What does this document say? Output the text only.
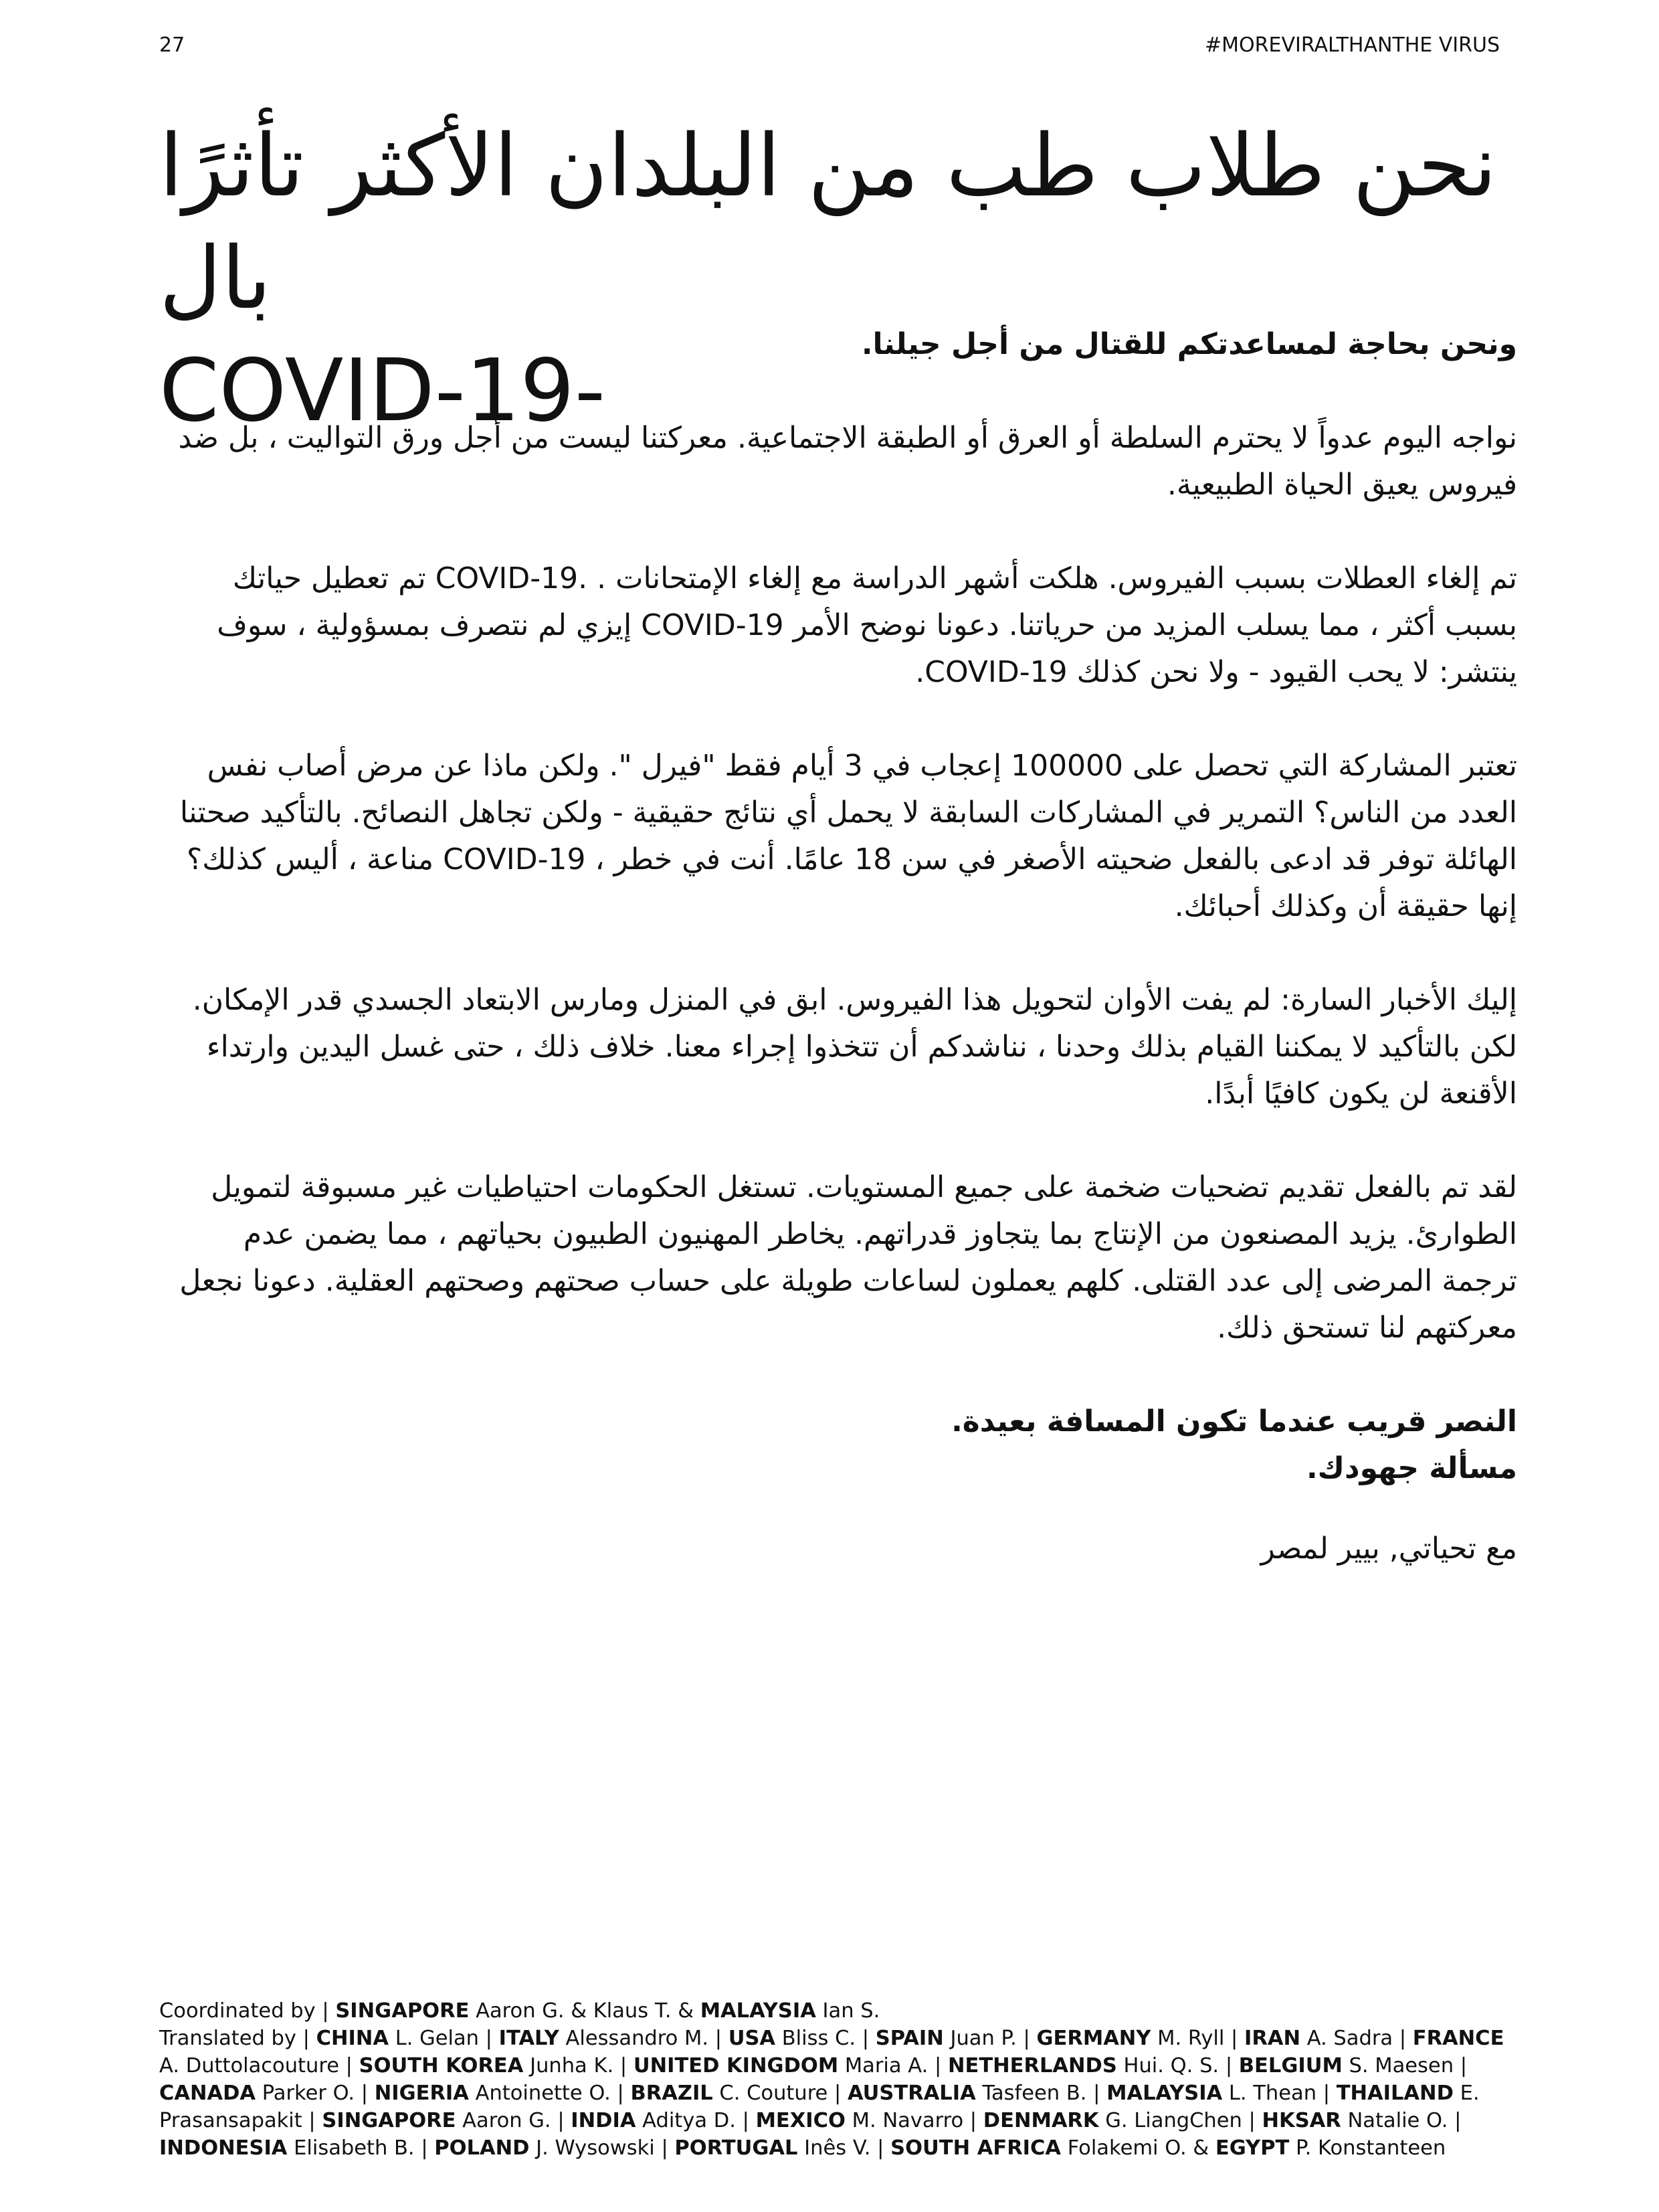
27	#MOREVIRALTHANTHE VIRUS
نحن طلاب طب من البلدان الأكثر تأثرًا بال
COVID-19-	ونحن بحاجة لمساعدتكم للقتال من أجل جيلنا.

نواجه اليوم عدواً لا يحترم السلطة أو العرق أو الطبقة الاجتماعية. معركتنا ليست من أجل ورق التواليت ، بل ضد فيروس يعيق الحياة الطبيعية.

تم إلغاء العطلات بسبب الفيروس. هلكت أشهر الدراسة مع إلغاء الإمتحانات . .COVID-19 تم تعطيل حياتك بسبب أكثر ، مما يسلب المزيد من حرياتنا. دعونا نوضح الأمر COVID-19 إيزي لم نتصرف بمسؤولية ، سوف ينتشر: لا يحب القيود - ولا نحن كذلك COVID-19.

تعتبر المشاركة التي تحصل على 100000 إعجاب في 3 أيام فقط "فيرل ". ولكن ماذا عن مرض أصاب نفس العدد من الناس؟ التمرير في المشاركات السابقة لا يحمل أي نتائج حقيقية - ولكن تجاهل النصائح. بالتأكيد صحتنا الهائلة توفر قد ادعى بالفعل ضحيته الأصغر في سن 18 عامًا. أنت في خطر ، COVID-19 مناعة ، أليس كذلك؟ إنها حقيقة أن وكذلك أحبائك.

إليك الأخبار السارة: لم يفت الأوان لتحويل هذا الفيروس. ابق في المنزل ومارس الابتعاد الجسدي قدر الإمكان. لكن بالتأكيد لا يمكننا القيام بذلك وحدنا ، نناشدكم أن تتخذوا إجراء معنا. خلاف ذلك ، حتى غسل اليدين وارتداء الأقنعة لن يكون كافيًا أبدًا.

لقد تم بالفعل تقديم تضحيات ضخمة على جميع المستويات. تستغل الحكومات احتياطيات غير مسبوقة لتمويل الطوارئ. يزيد المصنعون من الإنتاج بما يتجاوز قدراتهم. يخاطر المهنيون الطبيون بحياتهم ، مما يضمن عدم ترجمة المرضى إلى عدد القتلى. كلهم يعملون لساعات طويلة على حساب صحتهم وصحتهم العقلية. دعونا نجعل معركتهم لنا تستحق ذلك.

النصر قريب عندما تكون المسافة بعيدة.

مسألة جهودك.

مع تحياتي, بيير لمصر

Coordinated by | SINGAPORE Aaron G. & Klaus T. & MALAYSIA Ian S.

Translated by | CHINA L. Gelan | ITALY Alessandro M. | USA Bliss C. | SPAIN Juan P. | GERMANY M. Ryll | IRAN A. Sadra | FRANCE A. Duttolacouture | SOUTH KOREA Junha K. | UNITED KINGDOM Maria A. | NETHERLANDS Hui. Q. S. | BELGIUM S. Maesen | CANADA Parker O. | NIGERIA Antoinette O. | BRAZIL C. Couture | AUSTRALIA Tasfeen B. | MALAYSIA L. Thean | THAILAND E. Prasansapakit | SINGAPORE Aaron G. | INDIA Aditya D. | MEXICO M. Navarro | DENMARK G. LiangChen | HKSAR Natalie O. | INDONESIA Elisabeth B. | POLAND J. Wysowski | PORTUGAL Inês V. | SOUTH AFRICA Folakemi O. & EGYPT P. Konstanteen
